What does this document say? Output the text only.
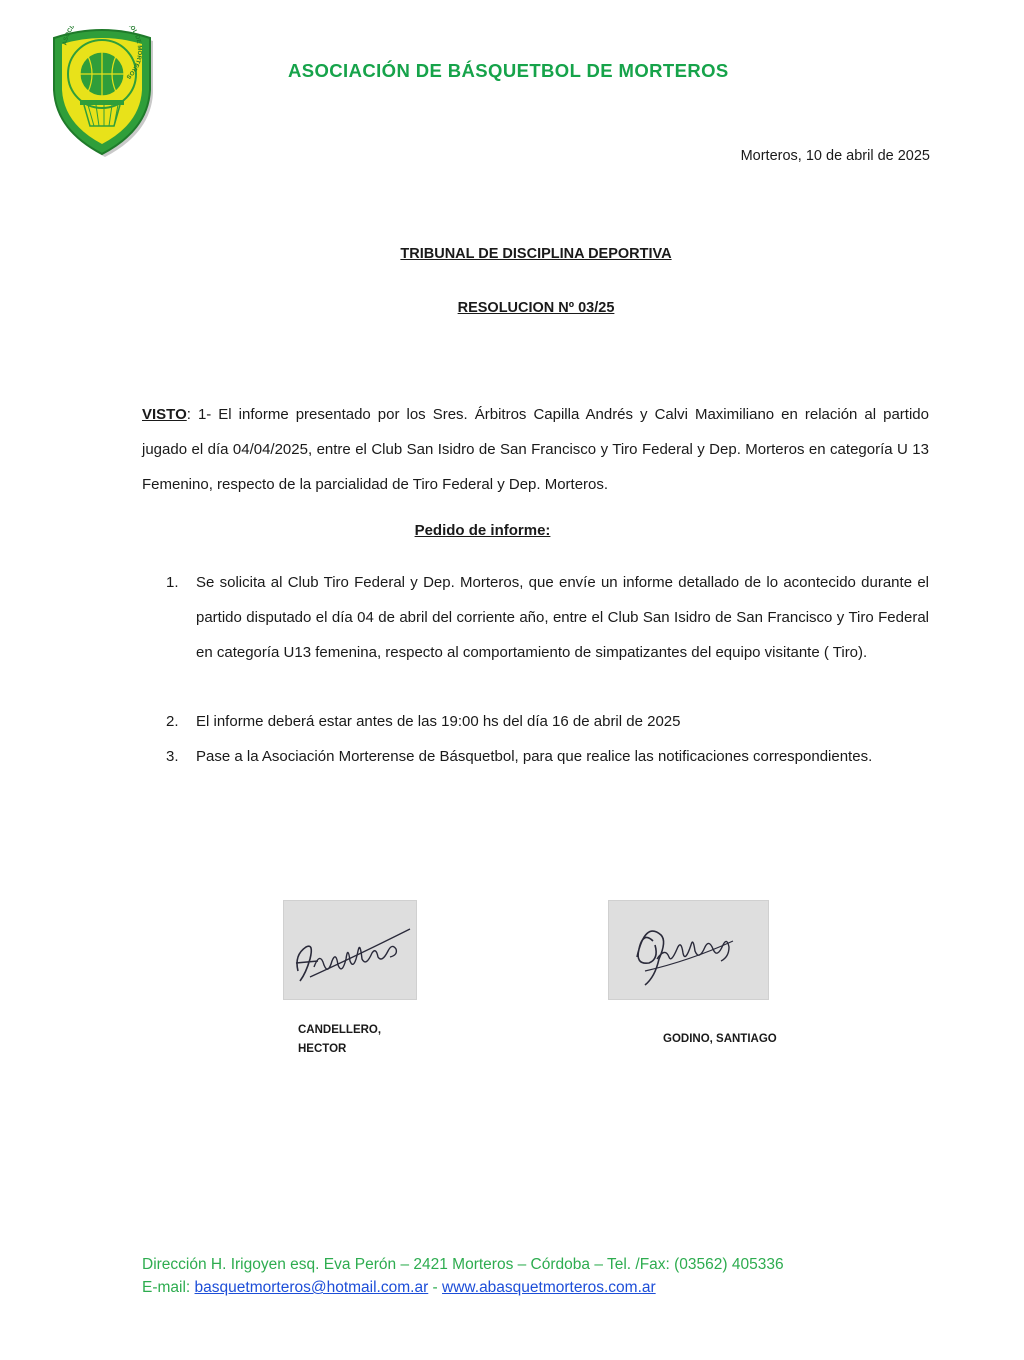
ASOCI OL DE MORTEROS	ASOCIACIÓN DE BÁSQUETBOL DE MORTEROS
Morteros, 10 de abril de 2025
TRIBUNAL DE DISCIPLINA DEPORTIVA
RESOLUCION Nº 03/25
VISTO: 1- El informe presentado por los Sres. Árbitros Capilla Andrés y Calvi Maximiliano en relación al partido jugado el día 04/04/2025, entre el Club San Isidro de San Francisco y Tiro Federal y Dep. Morteros en categoría U 13 Femenino, respecto de la parcialidad de Tiro Federal y Dep. Morteros.
Pedido de informe:
1. Se solicita al Club Tiro Federal y Dep. Morteros, que envíe un informe detallado de lo acontecido durante el partido disputado el día 04 de abril del corriente año, entre el Club San Isidro de San Francisco y Tiro Federal en categoría U13 femenina, respecto al comportamiento de simpatizantes del equipo visitante ( Tiro).
2. El informe deberá estar antes de las 19:00 hs del día 16 de abril de 2025
3. Pase a la Asociación Morterense de Básquetbol, para que realice las notificaciones correspondientes.
CANDELLERO,
HECTOR
GODINO, SANTIAGO
Dirección H. Irigoyen esq. Eva Perón – 2421 Morteros – Córdoba – Tel. /Fax: (03562) 405336
E-mail: basquetmorteros@hotmail.com.ar - www.abasquetmorteros.com.ar
